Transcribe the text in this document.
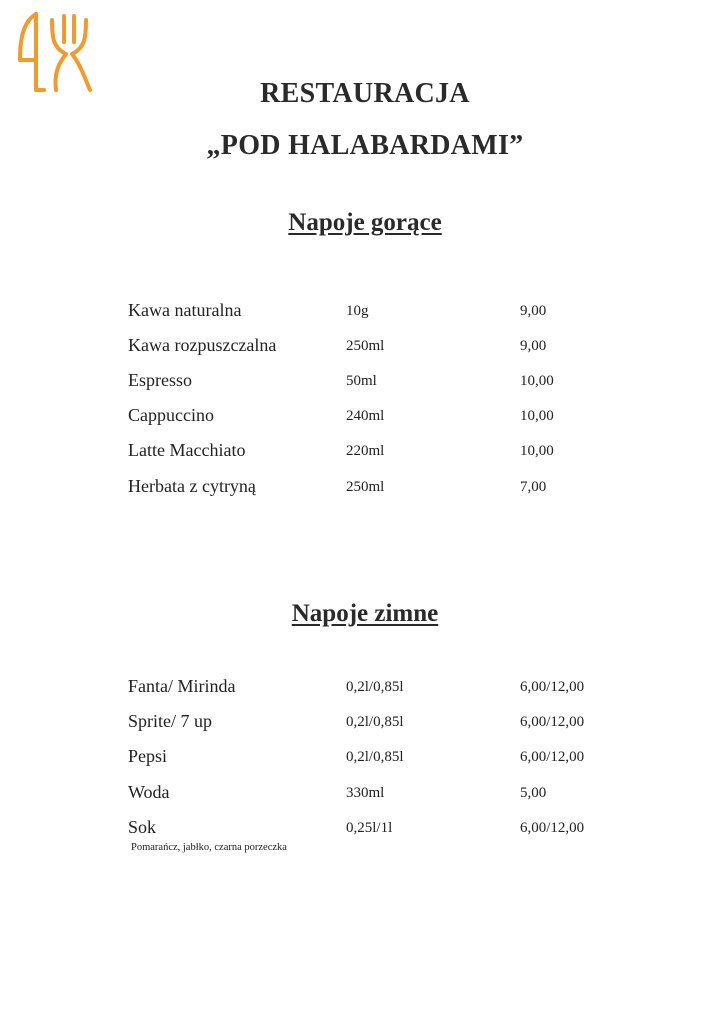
RESTAURACJA
„POD HALABARDAMI”
Napoje gorące
Kawa naturalna	10g	9,00
Kawa rozpuszczalna	250ml	9,00
Espresso	50ml	10,00
Cappuccino	240ml	10,00
Latte Macchiato	220ml	10,00
Herbata z cytryną	250ml	7,00
Napoje zimne
Fanta/ Mirinda	0,2l/0,85l	6,00/12,00
Sprite/ 7 up	0,2l/0,85l	6,00/12,00
Pepsi	0,2l/0,85l	6,00/12,00
Woda	330ml	5,00
Sok	0,25l/1l	6,00/12,00
Pomarańcz, jabłko, czarna porzeczka
